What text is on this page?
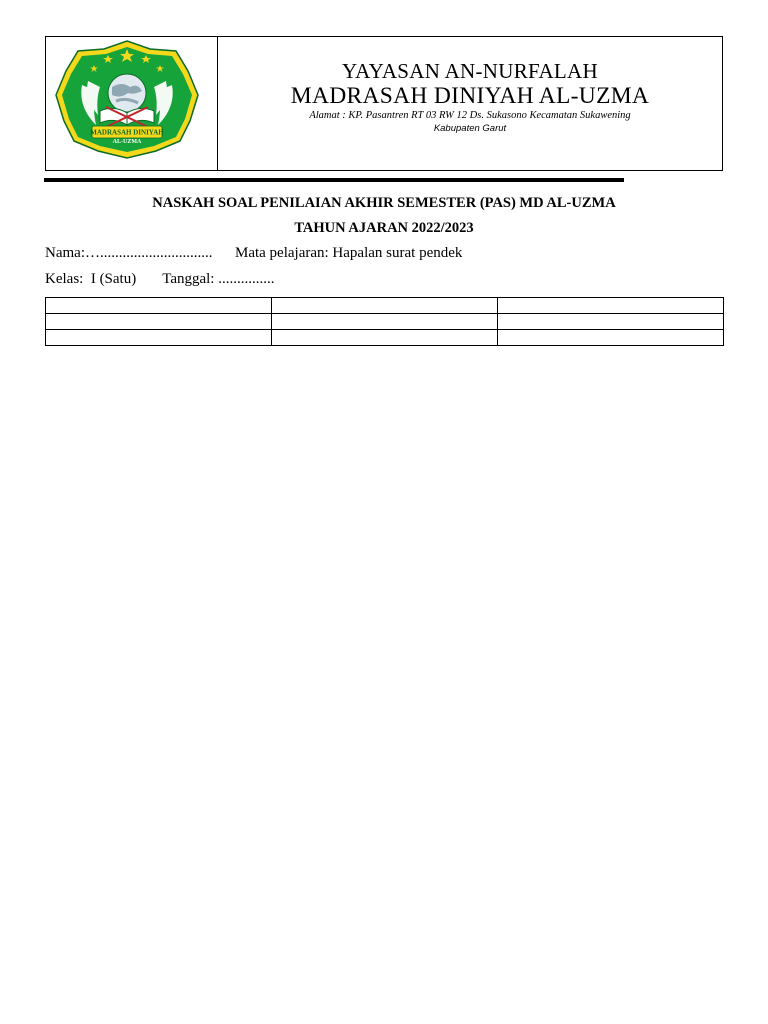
MADRASAH DINIYAH
AL-UZMA
YAYASAN AN-NURFALAH
MADRASAH DINIYAH AL-UZMA
Alamat : KP. Pasantren RT 03 RW 12 Ds. Sukasono Kecamatan Sukawening
Kabupaten Garut
NASKAH SOAL PENILAIAN AKHIR SEMESTER (PAS) MD AL-UZMA
TAHUN AJARAN 2022/2023
Nama:…..............................      Mata pelajaran: Hapalan surat pendek
Kelas:  I (Satu)       Tanggal: ...............
